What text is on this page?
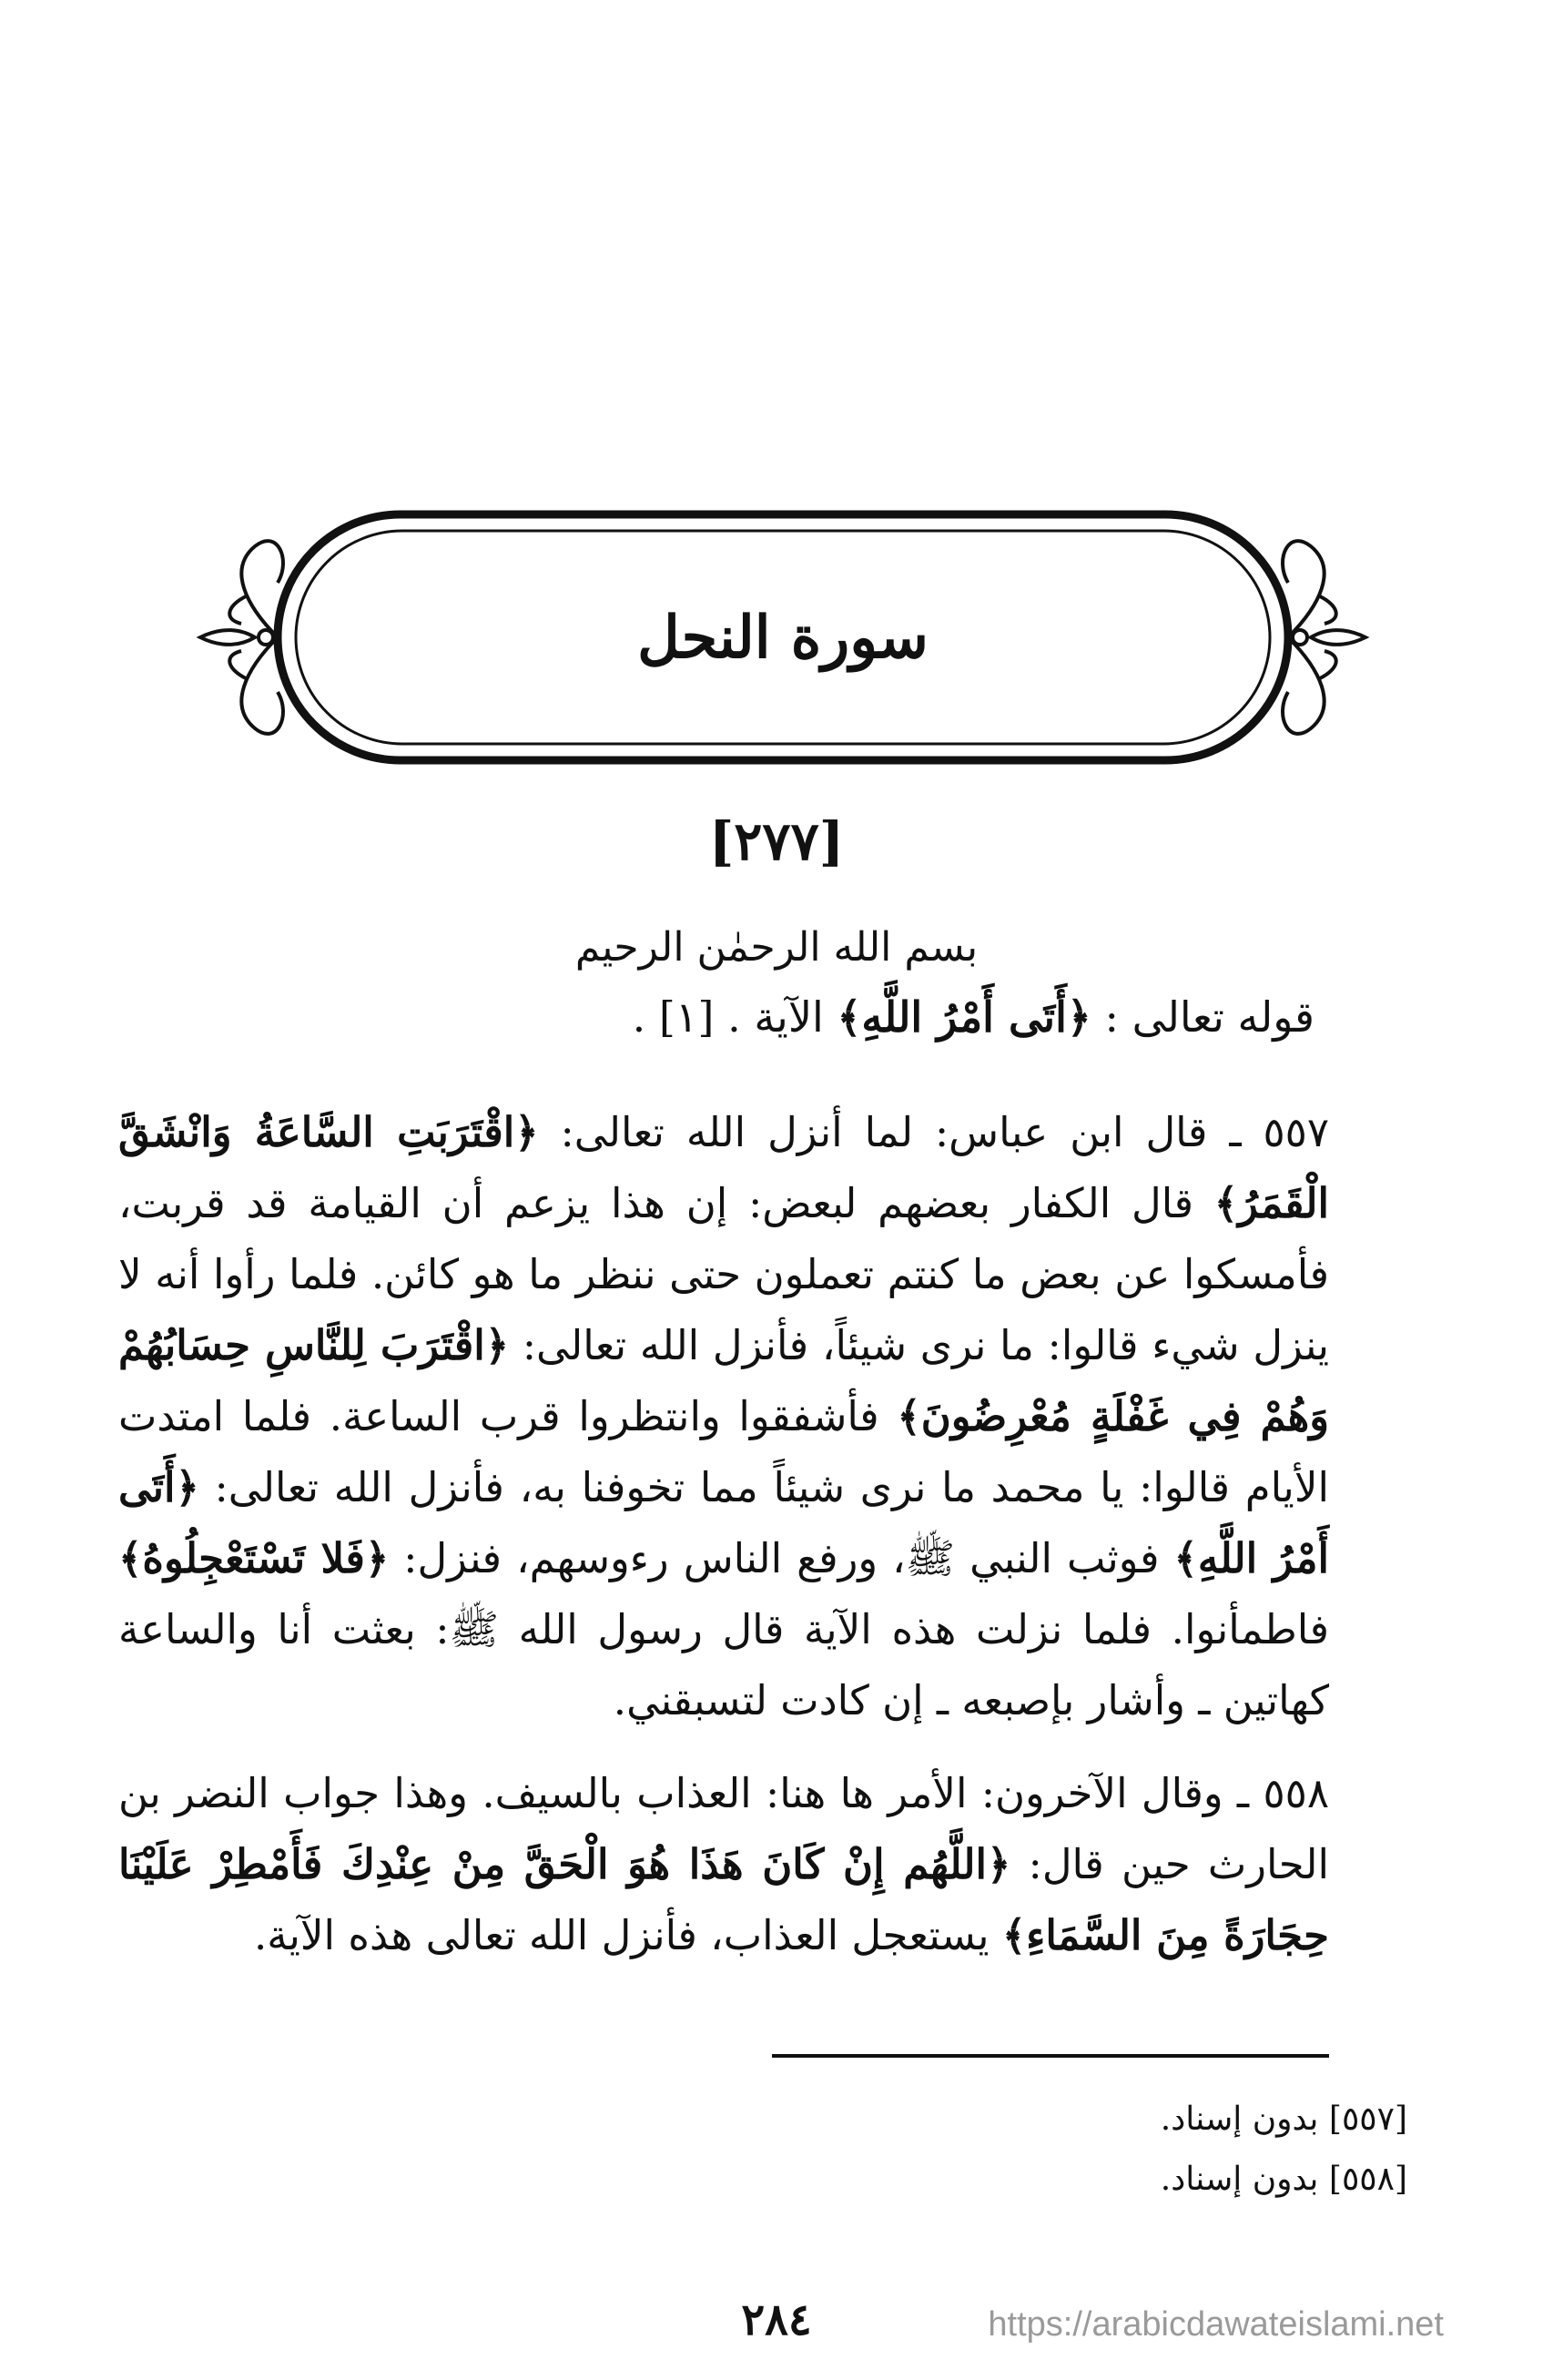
سورة النحل
[٢٧٧]
بسم الله الرحمٰن الرحيم
قوله تعالى : ﴿أَتَى أَمْرُ اللَّهِ﴾ الآية . [١] .

٥٥٧ ـ قال ابن عباس: لما أنزل الله تعالى: ﴿اقْتَرَبَتِ السَّاعَةُ وَانْشَقَّ الْقَمَرُ﴾ قال الكفار بعضهم لبعض: إن هذا يزعم أن القيامة قد قربت، فأمسكوا عن بعض ما كنتم تعملون حتى ننظر ما هو كائن. فلما رأوا أنه لا ينزل شيء قالوا: ما نرى شيئاً، فأنزل الله تعالى: ﴿اقْتَرَبَ لِلنَّاسِ حِسَابُهُمْ وَهُمْ فِي غَفْلَةٍ مُعْرِضُونَ﴾ فأشفقوا وانتظروا قرب الساعة. فلما امتدت الأيام قالوا: يا محمد ما نرى شيئاً مما تخوفنا به، فأنزل الله تعالى: ﴿أَتَى أَمْرُ اللَّهِ﴾ فوثب النبي ﷺ، ورفع الناس رءوسهم، فنزل: ﴿فَلا تَسْتَعْجِلُوهُ﴾ فاطمأنوا. فلما نزلت هذه الآية قال رسول الله ﷺ: بعثت أنا والساعة كهاتين ـ وأشار بإصبعه ـ إن كادت لتسبقني.

٥٥٨ ـ وقال الآخرون: الأمر ها هنا: العذاب بالسيف. وهذا جواب النضر بن الحارث حين قال: ﴿اللَّهُم إِنْ كَانَ هَذَا هُوَ الْحَقَّ مِنْ عِنْدِكَ فَأَمْطِرْ عَلَيْنَا حِجَارَةً مِنَ السَّمَاءِ﴾ يستعجل العذاب، فأنزل الله تعالى هذه الآية.

[٥٥٧] بدون إسناد.
[٥٥٨] بدون إسناد.
٢٨٤	https://arabicdawateislami.net
